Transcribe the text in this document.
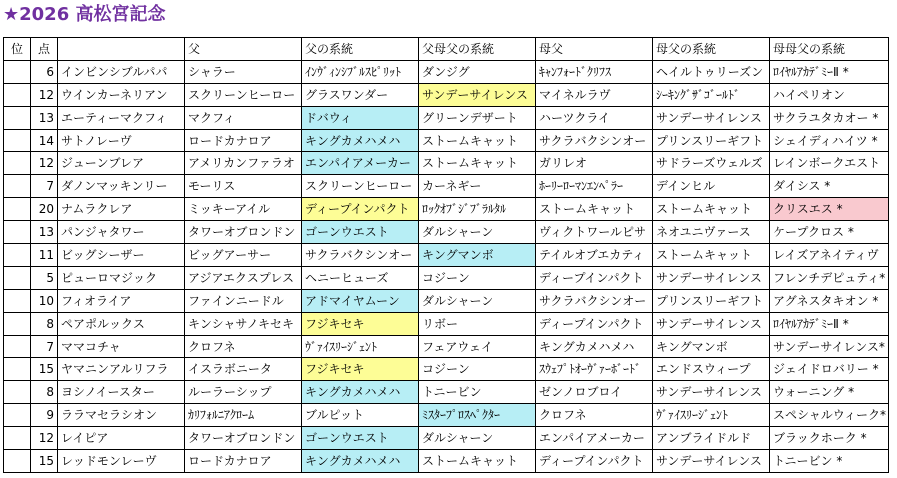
★2026 高松宮記念
位	点		父	父の系統	父母父の系統	母父	母父の系統	母母父の系統
	6	インビンシブルパパ	シャラー	ｲﾝｳﾞｨﾝｼﾌﾞﾙｽﾋﾟﾘｯﾄ	ダンジグ	ｷｬﾝﾌｫｰﾄﾞｸﾘﾌｽ	ヘイルトゥリーズン	ﾛｲﾔﾙｱｶﾃﾞﾐｰⅡ *
	12	ウインカーネリアン	スクリーンヒーロー	グラスワンダー	サンデーサイレンス	マイネルラヴ	ｼｰｷﾝｸﾞｻﾞｺﾞｰﾙﾄﾞ	ハイペリオン
	13	エーティーマクフィ	マクフィ	ドバウィ	グリーンデザート	ハーツクライ	サンデーサイレンス	サクラユタカオー *
	14	サトノレーヴ	ロードカナロア	キングカメハメハ	ストームキャット	サクラバクシンオー	プリンスリーギフト	シェイディハイツ *
	12	ジューンブレア	アメリカンファラオ	エンパイアメーカー	ストームキャット	ガリレオ	サドラーズウェルズ	レインボークエスト
	7	ダノンマッキンリー	モーリス	スクリーンヒーロー	カーネギー	ﾎｰﾘｰﾛｰﾏﾝｴﾝﾍﾟﾗｰ	デインヒル	ダイシス *
	20	ナムラクレア	ミッキーアイル	ディープインパクト	ﾛｯｸｵﾌﾞｼﾞﾌﾞﾗﾙﾀﾙ	ストームキャット	ストームキャット	クリスエス *
	13	パンジャタワー	タワーオブロンドン	ゴーンウエスト	ダルシャーン	ヴィクトワールピサ	ネオユニヴァース	ケープクロス *
	11	ビッグシーザー	ビッグアーサー	サクラバクシンオー	キングマンボ	テイルオブエカティ	ストームキャット	レイズアネイティヴ
	5	ピューロマジック	アジアエクスプレス	ヘニーヒューズ	コジーン	ディープインパクト	サンデーサイレンス	フレンチデピュティ*
	10	フィオライア	ファインニードル	アドマイヤムーン	ダルシャーン	サクラバクシンオー	プリンスリーギフト	アグネスタキオン *
	8	ペアポルックス	キンシャサノキセキ	フジキセキ	リボー	ディープインパクト	サンデーサイレンス	ﾛｲﾔﾙｱｶﾃﾞﾐｰⅡ *
	7	ママコチャ	クロフネ	ｳﾞｧｲｽﾘｰｼﾞｪﾝﾄ	フェアウェイ	キングカメハメハ	キングマンボ	サンデーサイレンス*
	15	ヤマニンアルリフラ	イスラボニータ	フジキセキ	コジーン	ｽｳｪﾌﾟﾄｵｰｳﾞｧｰﾎﾞｰﾄﾞ	エンドスウィープ	ジェイドロバリー *
	8	ヨシノイースター	ルーラーシップ	キングカメハメハ	トニービン	ゼンノロブロイ	サンデーサイレンス	ウォーニング *
	9	ララマセラシオン	ｶﾘﾌｫﾙﾆｱｸﾛｰﾑ	ブルピット	ﾐｽﾀｰﾌﾟﾛｽﾍﾟｸﾀｰ	クロフネ	ｳﾞｧｲｽﾘｰｼﾞｪﾝﾄ	スペシャルウィーク*
	12	レイピア	タワーオブロンドン	ゴーンウエスト	ダルシャーン	エンパイアメーカー	アンブライドルド	ブラックホーク *
	15	レッドモンレーヴ	ロードカナロア	キングカメハメハ	ストームキャット	ディープインパクト	サンデーサイレンス	トニービン *
